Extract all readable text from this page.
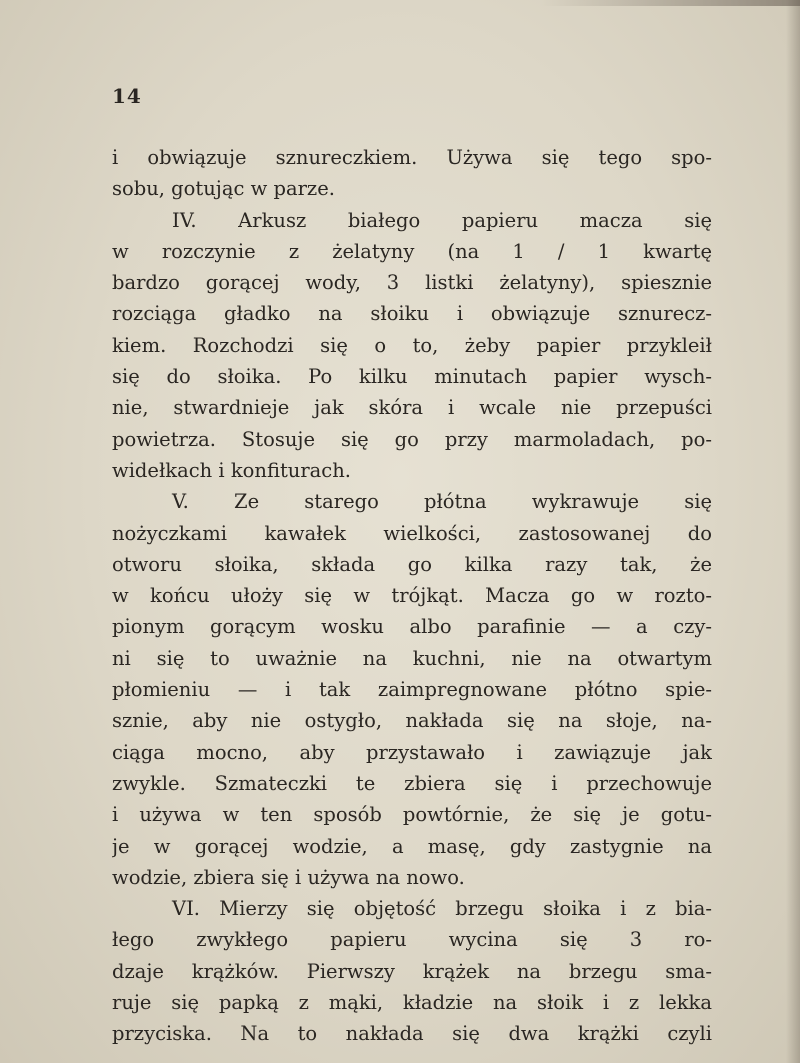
14
i obwiązuje sznureczkiem. Używa się tego spo-
sobu, gotując w parze.
IV. Arkusz białego papieru macza się
w rozczynie z żelatyny (na 1 / 1 kwartę
bardzo gorącej wody, 3 listki żelatyny), spiesznie
rozciąga gładko na słoiku i obwiązuje sznurecz-
kiem. Rozchodzi się o to, żeby papier przykleił
się do słoika. Po kilku minutach papier wysch-
nie, stwardnieje jak skóra i wcale nie przepuści
powietrza. Stosuje się go przy marmoladach, po-
widełkach i konfiturach.
V. Ze starego płótna wykrawuje się
nożyczkami kawałek wielkości, zastosowanej do
otworu słoika, składa go kilka razy tak, że
w końcu ułoży się w trójkąt. Macza go w rozto-
pionym gorącym wosku albo parafinie — a czy-
ni się to uważnie na kuchni, nie na otwartym
płomieniu — i tak zaimpregnowane płótno spie-
sznie, aby nie ostygło, nakłada się na słoje, na-
ciąga mocno, aby przystawało i zawiązuje jak
zwykle. Szmateczki te zbiera się i przechowuje
i używa w ten sposób powtórnie, że się je gotu-
je w gorącej wodzie, a masę, gdy zastygnie na
wodzie, zbiera się i używa na nowo.
VI. Mierzy się objętość brzegu słoika i z bia-
łego zwykłego papieru wycina się 3 ro-
dzaje krążków. Pierwszy krążek na brzegu sma-
ruje się papką z mąki, kładzie na słoik i z lekka
przyciska. Na to nakłada się dwa krążki czyli
